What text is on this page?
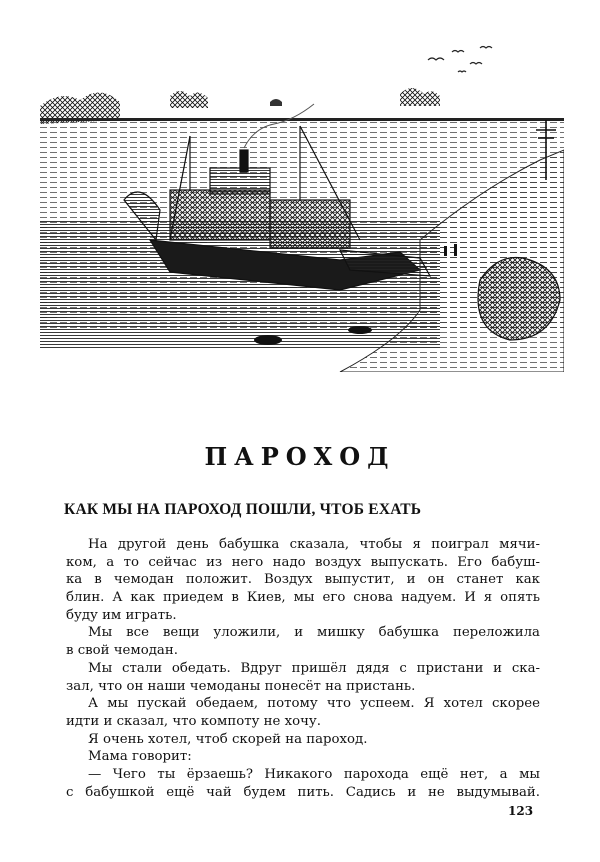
ПАРОХОД
КАК МЫ НА ПАРОХОД ПОШЛИ, ЧТОБ ЕХАТЬ
На другой день бабушка сказала, чтобы я поиграл мячи-
ком, а то сейчас из него надо воздух выпускать. Его бабуш-
ка в чемодан положит. Воздух выпустит, и он станет как
блин. А как приедем в Киев, мы его снова надуем. И я опять
буду им играть.
Мы все вещи уложили, и мишку бабушка переложила
в свой чемодан.
Мы стали обедать. Вдруг пришёл дядя с пристани и ска-
зал, что он наши чемоданы понесёт на пристань.
А мы пускай обедаем, потому что успеем. Я хотел скорее
идти и сказал, что компоту не хочу.
Я очень хотел, чтоб скорей на пароход.
Мама говорит:
— Чего ты ёрзаешь? Никакого парохода ещё нет, а мы
с бабушкой ещё чай будем пить. Садись и не выдумывай.
123
